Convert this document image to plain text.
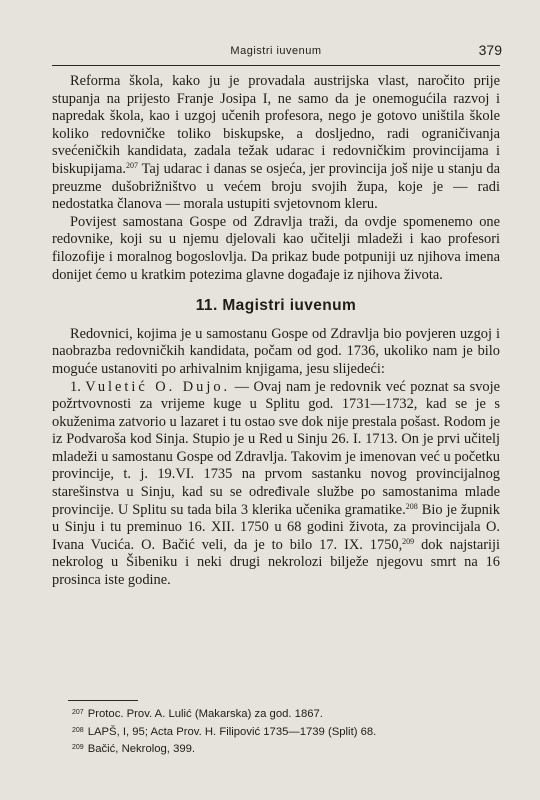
Magistri iuvenum	379

Reforma škola, kako ju je provadala austrijska vlast, naročito prije stupanja na prijesto Franje Josipa I, ne samo da je onemogućila razvoj i napredak škola, kao i uzgoj učenih profesora, nego je gotovo uništila škole koliko redovničke toliko biskupske, a dosljedno, radi ograničivanja svećeničkih kandidata, zadala težak udarac i redovničkim provincijama i biskupijama.$^{207}$ Taj udarac i danas se osjeća, jer provincija još nije u stanju da preuzme dušobrižništvo u većem broju svojih župa, koje je — radi nedostatka članova — morala ustupiti svjetovnom kleru.

Povijest samostana Gospe od Zdravlja traži, da ovdje spomenemo one redovnike, koji su u njemu djelovali kao učitelji mladeži i kao profesori filozofije i moralnog bogoslovlja. Da prikaz bude potpuniji uz njihova imena donijet ćemo u kratkim potezima glavne događaje iz njihova života.

11. Magistri iuvenum

Redovnici, kojima je u samostanu Gospe od Zdravlja bio povjeren uzgoj i naobrazba redovničkih kandidata, počam od god. 1736, ukoliko nam je bilo moguće ustanoviti po arhivalnim knjigama, jesu slijedeći:

1. Vuletić O. Dujo. — Ovaj nam je redovnik već poznat sa svoje požrtvovnosti za vrijeme kuge u Splitu god. 1731—1732, kad se je s okuženima zatvorio u lazaret i tu ostao sve dok nije prestala pošast. Rodom je iz Podvaroša kod Sinja. Stupio je u Red u Sinju 26. I. 1713. On je prvi učitelj mladeži u samostanu Gospe od Zdravlja. Takovim je imenovan već u početku provincije, t. j. 19.VI. 1735 na prvom sastanku novog provincijalnog starešinstva u Sinju, kad su se određivale službe po samostanima mlade provincije. U Splitu su tada bila 3 klerika učenika gramatike.$^{208}$ Bio je župnik u Sinju i tu preminuo 16. XII. 1750 u 68 godini života, za provincijala O. Ivana Vucića. O. Bačić veli, da je to bilo 17. IX. 1750,$^{209}$ dok najstariji nekrolog u Šibeniku i neki drugi nekrolozi bilježe njegovu smrt na 16 prosinca iste godine.

$^{207}$ Protoc. Prov. A. Lulić (Makarska) za god. 1867.

$^{208}$ LAPŠ, I, 95; Acta Prov. H. Filipović 1735—1739 (Split) 68.

$^{209}$ Bačić, Nekrolog, 399.
